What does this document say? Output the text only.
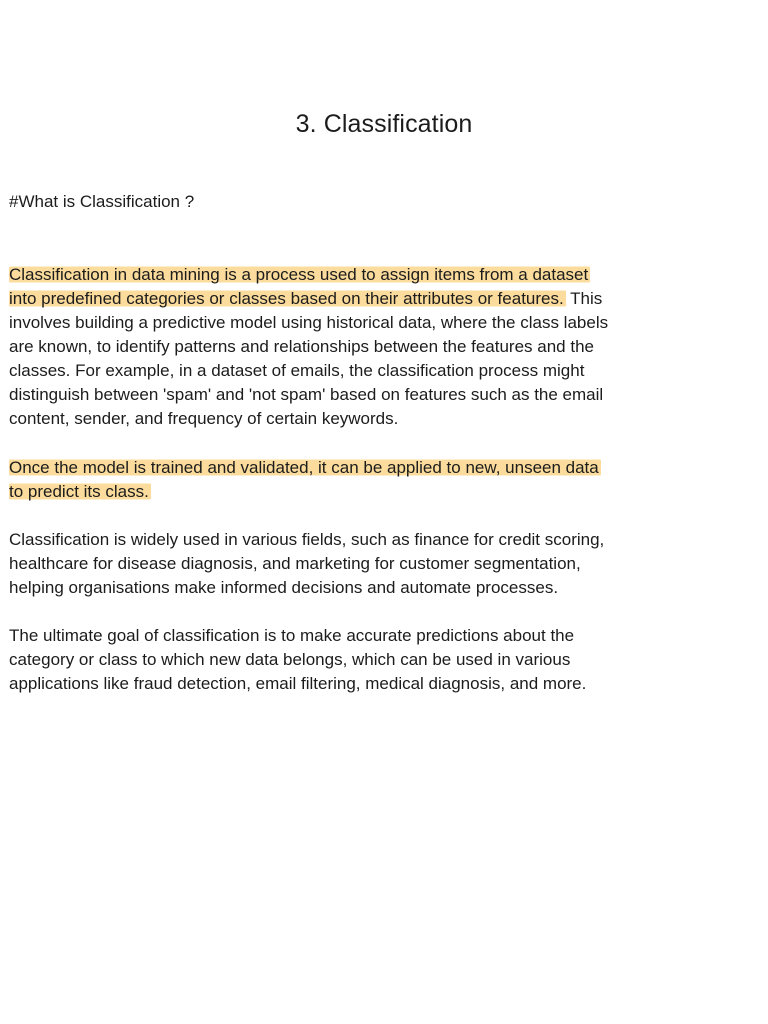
3. Classification

#What is Classification ?

Classification in data mining is a process used to assign items from a dataset
into predefined categories or classes based on their attributes or features. This
involves building a predictive model using historical data, where the class labels
are known, to identify patterns and relationships between the features and the
classes. For example, in a dataset of emails, the classification process might
distinguish between 'spam' and 'not spam' based on features such as the email
content, sender, and frequency of certain keywords.
Once the model is trained and validated, it can be applied to new, unseen data
to predict its class.
Classification is widely used in various fields, such as finance for credit scoring,
healthcare for disease diagnosis, and marketing for customer segmentation,
helping organisations make informed decisions and automate processes.
The ultimate goal of classification is to make accurate predictions about the
category or class to which new data belongs, which can be used in various
applications like fraud detection, email filtering, medical diagnosis, and more.
